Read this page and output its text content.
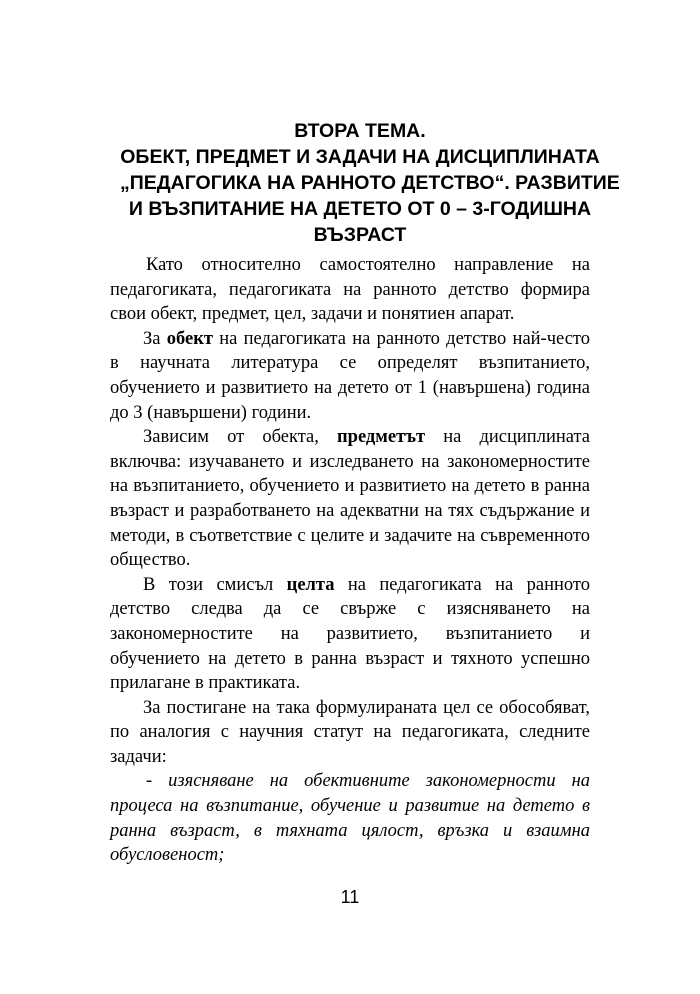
ВТОРА ТЕМА.
ОБЕКТ, ПРЕДМЕТ И ЗАДАЧИ НА ДИСЦИПЛИНАТА
„ПЕДАГОГИКА НА РАННОТО ДЕТСТВО“. РАЗВИТИЕ
И ВЪЗПИТАНИЕ НА ДЕТЕТО ОТ 0 – 3-ГОДИШНА
ВЪЗРАСТ

Като относително самостоятелно направление на педагогиката, педагогиката на ранното детство формира свои обект, предмет, цел, задачи и понятиен апарат.

За обект на педагогиката на ранното детство най-често в научната литература се определят възпитанието, обучението и развитието на детето от 1 (навършена) година до 3 (навършени) години.

Зависим от обекта, предметът на дисциплината включва: изучаването и изследването на закономерностите на възпитанието, обучението и развитието на детето в ранна възраст и разработването на адекватни на тях съдържание и методи, в съответствие с целите и задачите на съвременното общество.

В този смисъл целта на педагогиката на ранното детство следва да се свърже с изясняването на закономерностите на развитието, възпитанието и обучението на детето в ранна възраст и тяхното успешно прилагане в практиката.

За постигане на така формулираната цел се обособяват, по аналогия с научния статут на педагогиката, следните задачи:

- изясняване на обективните закономерности на процеса на възпитание, обучение и развитие на детето в ранна възраст, в тяхната цялост, връзка и взаимна обусловеност;

11
